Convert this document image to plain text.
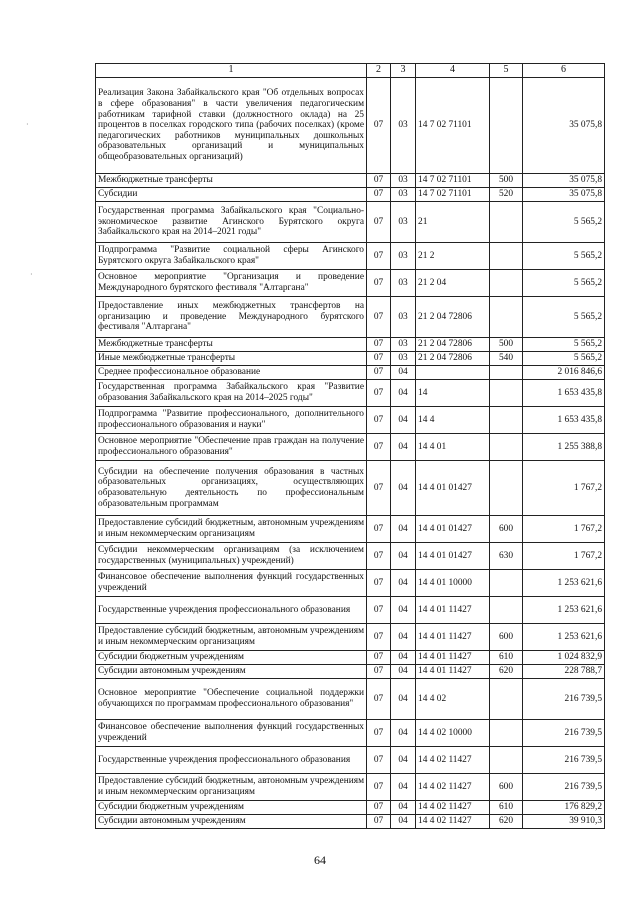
·
·
1	2	3	4	5	6
Реализация Закона Забайкальского края "Об отдельных вопросах в сфере образования" в части увеличения педагогическим работникам тарифной ставки (должностного оклада) на 25 процентов в поселках городского типа (рабочих поселках) (кроме педагогических работников муниципальных дошкольных образовательных организаций и муниципальных общеобразовательных организаций)	07	03	14 7 02 71101		35 075,8
Межбюджетные трансферты	07	03	14 7 02 71101	500	35 075,8
Субсидии	07	03	14 7 02 71101	520	35 075,8
Государственная программа Забайкальского края "Социально-экономическое развитие Агинского Бурятского округа Забайкальского края на 2014–2021 годы"	07	03	21		5 565,2
Подпрограмма "Развитие социальной сферы Агинского Бурятского округа Забайкальского края"	07	03	21 2		5 565,2
Основное мероприятие "Организация и проведение Международного бурятского фестиваля "Алтаргана"	07	03	21 2 04		5 565,2
Предоставление иных межбюджетных трансфертов на организацию и проведение Международного бурятского фестиваля "Алтаргана"	07	03	21 2 04 72806		5 565,2
Межбюджетные трансферты	07	03	21 2 04 72806	500	5 565,2
Иные межбюджетные трансферты	07	03	21 2 04 72806	540	5 565,2
Среднее профессиональное образование	07	04			2 016 846,6
Государственная программа Забайкальского края "Развитие образования Забайкальского края на 2014–2025 годы"	07	04	14		1 653 435,8
Подпрограмма "Развитие профессионального, дополнительного профессионального образования и науки"	07	04	14 4		1 653 435,8
Основное мероприятие "Обеспечение прав граждан на получение профессионального образования"	07	04	14 4 01		1 255 388,8
Субсидии на обеспечение получения образования в частных образовательных организациях, осуществляющих образовательную деятельность по профессиональным образовательным программам	07	04	14 4 01 01427		1 767,2
Предоставление субсидий бюджетным, автономным учреждениям и иным некоммерческим организациям	07	04	14 4 01 01427	600	1 767,2
Субсидии некоммерческим организациям (за исключением государственных (муниципальных) учреждений)	07	04	14 4 01 01427	630	1 767,2
Финансовое обеспечение выполнения функций государственных учреждений	07	04	14 4 01 10000		1 253 621,6
Государственные учреждения профессионального образования	07	04	14 4 01 11427		1 253 621,6
Предоставление субсидий бюджетным, автономным учреждениям и иным некоммерческим организациям	07	04	14 4 01 11427	600	1 253 621,6
Субсидии бюджетным учреждениям	07	04	14 4 01 11427	610	1 024 832,9
Субсидии автономным учреждениям	07	04	14 4 01 11427	620	228 788,7
Основное мероприятие "Обеспечение социальной поддержки обучающихся по программам профессионального образования"	07	04	14 4 02		216 739,5
Финансовое обеспечение выполнения функций государственных учреждений	07	04	14 4 02 10000		216 739,5
Государственные учреждения профессионального образования	07	04	14 4 02 11427		216 739,5
Предоставление субсидий бюджетным, автономным учреждениям и иным некоммерческим организациям	07	04	14 4 02 11427	600	216 739,5
Субсидии бюджетным учреждениям	07	04	14 4 02 11427	610	176 829,2
Субсидии автономным учреждениям	07	04	14 4 02 11427	620	39 910,3
64
